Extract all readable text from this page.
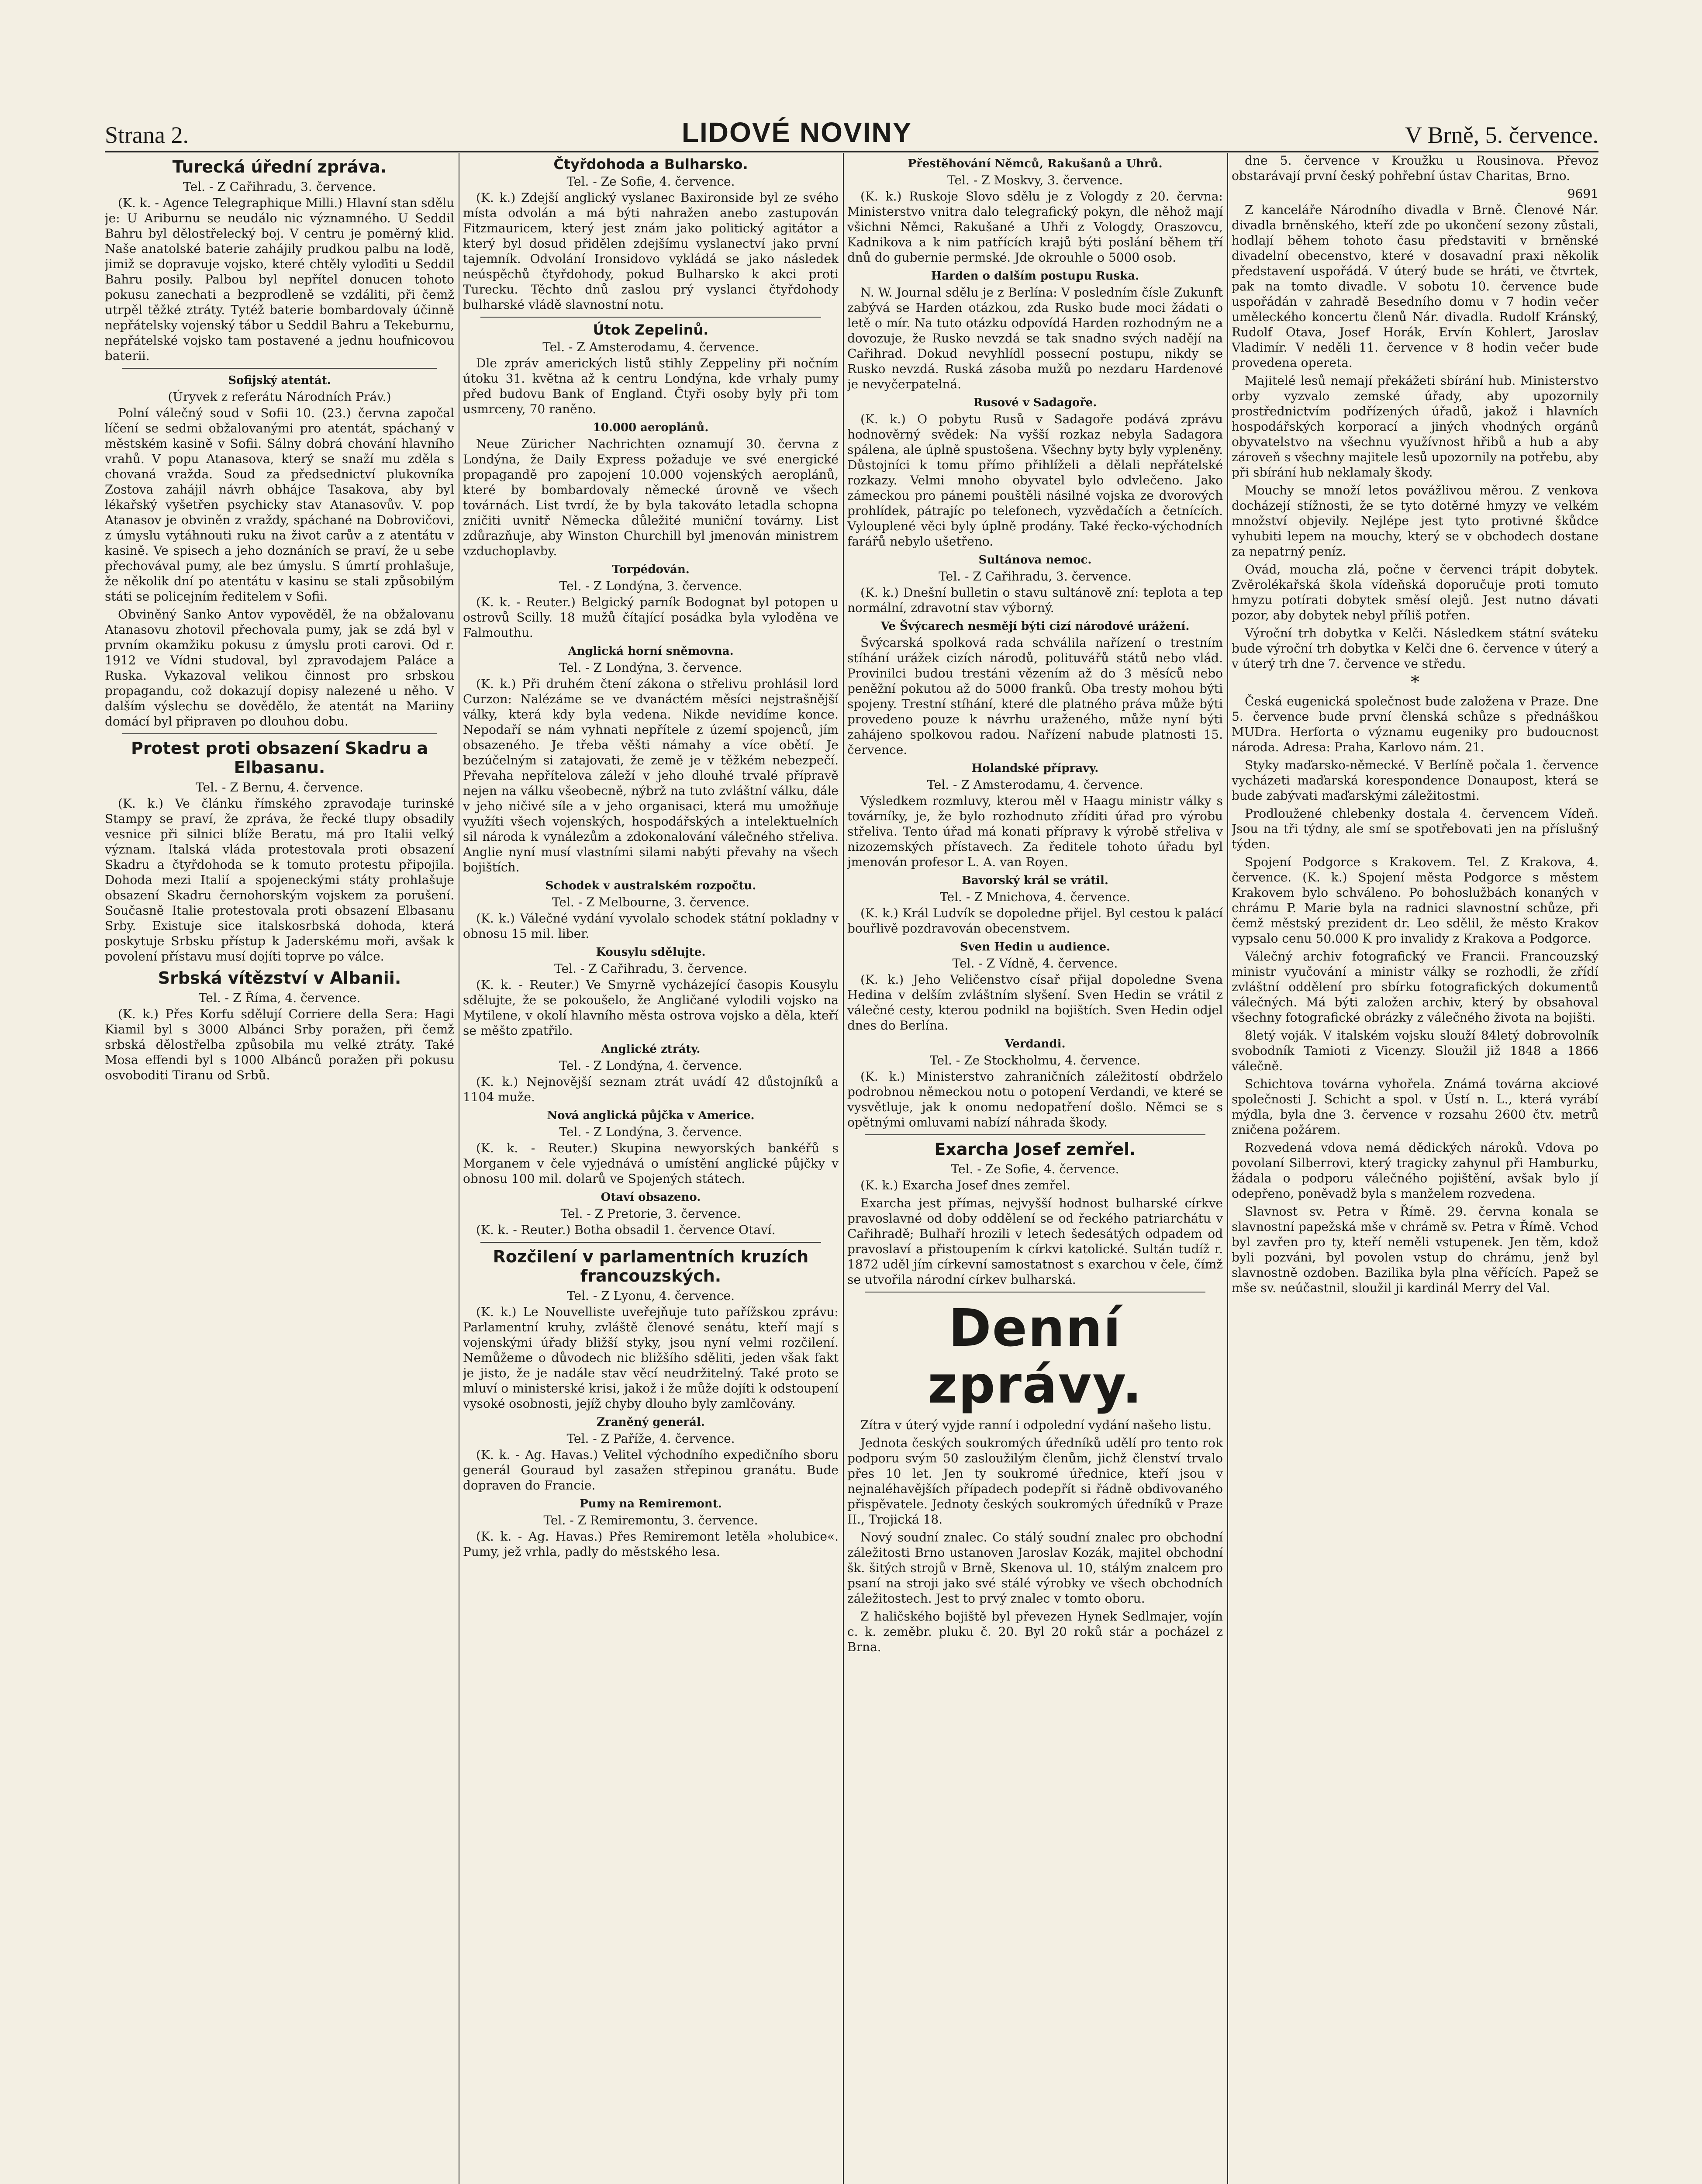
Strana 2.	LIDOVÉ NOVINY	V Brně, 5. července.
Turecká úřední zpráva.
Tel. - Z Cařihradu, 3. července.

(K. k. - Agence Telegraphique Milli.) Hlavní stan sdělu je: U Ariburnu se neudálo nic významného. U Seddil Bahru byl dělostřelecký boj. V centru je poměrný klid. Naše anatolské baterie zahájily prudkou palbu na lodě, jimiž se dopravuje vojsko, které chtěly vyloďiti u Seddil Bahru posily. Palbou byl nepřítel donucen tohoto pokusu zanechati a bezprodleně se vzdáliti, při čemž utrpěl těžké ztráty. Tytéž baterie bombardovaly účinně nepřátelsky vojenský tábor u Seddil Bahru a Tekeburnu, nepřátelské vojsko tam postavené a jednu houfnicovou baterii.

Sofijský atentát.
(Úryvek z referátu Národních Práv.)

Polní válečný soud v Sofii 10. (23.) června započal líčení se sedmi obžalovanými pro atentát, spáchaný v městském kasině v Sofii. Sálny dobrá chování hlavního vrahů. V popu Atanasova, který se snaží mu zděla s chovaná vražda. Soud za předsednictví plukovníka Zostova zahájil návrh obhájce Tasakova, aby byl lékařský vyšetřen psychicky stav Atanasovův. V. pop Atanasov je obviněn z vraždy, spáchané na Dobrovičovi, z úmyslu vytáhnouti ruku na život carův a z atentátu v kasině. Ve spisech a jeho doznáních se praví, že u sebe přechovával pumy, ale bez úmyslu. S úmrtí prohlašuje, že několik dní po atentátu v kasinu se stali způsobilým státi se policejním ředitelem v Sofii.

Obviněný Sanko Antov vypověděl, že na obžalovanu Atanasovu zhotovil přechovala pumy, jak se zdá byl v prvním okamžiku pokusu z úmyslu proti carovi. Od r. 1912 ve Vídni studoval, byl zpravodajem Paláce a Ruska. Vykazoval velikou činnost pro srbskou propagandu, což dokazují dopisy nalezené u něho. V dalším výslechu se dovědělo, že atentát na Mariiny domácí byl připraven po dlouhou dobu.

Protest proti obsazení Skadru a Elbasanu.
Tel. - Z Bernu, 4. července.

(K. k.) Ve článku římského zpravodaje turinské Stampy se praví, že zpráva, že řecké tlupy obsadily vesnice při silnici blíže Beratu, má pro Italii velký význam. Italská vláda protestovala proti obsazení Skadru a čtyřdohoda se k tomuto protestu připojila. Dohoda mezi Italií a spojeneckými státy prohlašuje obsazení Skadru černohorským vojskem za porušení. Současně Italie protestovala proti obsazení Elbasanu Srby. Existuje sice italskosrbská dohoda, která poskytuje Srbsku přístup k Jaderskému moři, avšak k povolení přístavu musí dojíti toprve po válce.

Srbská vítězství v Albanii.
Tel. - Z Říma, 4. července.

(K. k.) Přes Korfu sdělují Corriere della Sera: Hagi Kiamil byl s 3000 Albánci Srby poražen, při čemž srbská dělostřelba způsobila mu velké ztráty. Také Mosa effendi byl s 1000 Albánců poražen při pokusu osvoboditi Tiranu od Srbů.

Čtyřdohoda a Bulharsko.
Tel. - Ze Sofie, 4. července.

(K. k.) Zdejší anglický vyslanec Baxironside byl ze svého místa odvolán a má býti nahražen anebo zastupován Fitzmauricem, který jest znám jako politický agitátor a který byl dosud přidělen zdejšímu vyslanectví jako první tajemník. Odvolání Ironsidovo vykládá se jako následek neúspěchů čtyřdohody, pokud Bulharsko k akci proti Turecku. Těchto dnů zaslou prý vyslanci čtyřdohody bulharské vládě slavnostní notu.

Útok Zepelinů.
Tel. - Z Amsterodamu, 4. července.

Dle zpráv amerických listů stihly Zeppeliny při nočním útoku 31. května až k centru Londýna, kde vrhaly pumy před budovu Bank of England. Čtyři osoby byly při tom usmrceny, 70 raněno.

10.000 aeroplánů.

Neue Züricher Nachrichten oznamují 30. června z Londýna, že Daily Express požaduje ve své energické propagandě pro zapojení 10.000 vojenských aeroplánů, které by bombardovaly německé úrovně ve všech továrnách. List tvrdí, že by byla takováto letadla schopna zničiti uvnitř Německa důležité muniční továrny. List zdůrazňuje, aby Winston Churchill byl jmenován ministrem vzduchoplavby.

Torpédován.
Tel. - Z Londýna, 3. července.

(K. k. - Reuter.) Belgický parník Bodognat byl potopen u ostrovů Scilly. 18 mužů čítající posádka byla vyloděna ve Falmouthu.

Anglická horní sněmovna.
Tel. - Z Londýna, 3. července.

(K. k.) Při druhém čtení zákona o střelivu prohlásil lord Curzon: Nalézáme se ve dvanáctém měsíci nejstrašnější války, která kdy byla vedena. Nikde nevidíme konce. Nepodaří se nám vyhnati nepřítele z území spojenců, jím obsazeného. Je třeba věšti námahy a více obětí. Je bezúčelným si zatajovati, že země je v těžkém nebezpečí. Převaha nepřítelova záleží v jeho dlouhé trvalé přípravě nejen na válku všeobecně, nýbrž na tuto zvláštní válku, dále v jeho ničivé síle a v jeho organisaci, která mu umožňuje využíti všech vojenských, hospodářských a intelektuelních sil národa k vynálezům a zdokonalování válečného střeliva. Anglie nyní musí vlastními silami nabýti převahy na všech bojištích.

Schodek v australském rozpočtu.
Tel. - Z Melbourne, 3. července.

(K. k.) Válečné vydání vyvolalo schodek státní pokladny v obnosu 15 mil. liber.

Kousylu sdělujte.
Tel. - Z Cařihradu, 3. července.

(K. k. - Reuter.) Ve Smyrně vycházející časopis Kousylu sdělujte, že se pokoušelo, že Angličané vylodili vojsko na Mytilene, v okolí hlavního města ostrova vojsko a děla, kteří se měšto zpatřilo.

Anglické ztráty.
Tel. - Z Londýna, 4. července.

(K. k.) Nejnovější seznam ztrát uvádí 42 důstojníků a 1104 muže.

Nová anglická půjčka v Americe.
Tel. - Z Londýna, 3. července.

(K. k. - Reuter.) Skupina newyorských bankéřů s Morganem v čele vyjednává o umístění anglické půjčky v obnosu 100 mil. dolarů ve Spojených státech.

Otaví obsazeno.
Tel. - Z Pretorie, 3. července.

(K. k. - Reuter.) Botha obsadil 1. července Otaví.

Rozčilení v parlamentních kruzích francouzských.
Tel. - Z Lyonu, 4. července.

(K. k.) Le Nouvelliste uveřejňuje tuto pařížskou zprávu: Parlamentní kruhy, zvláště členové senátu, kteří mají s vojenskými úřady bližší styky, jsou nyní velmi rozčilení. Nemůžeme o důvodech nic bližšího sděliti, jeden však fakt je jisto, že je nadále stav věcí neudržitelný. Také proto se mluví o ministerské krisi, jakož i že může dojíti k odstoupení vysoké osobnosti, jejíž chyby dlouho byly zamlčovány.

Zraněný generál.
Tel. - Z Paříže, 4. července.

(K. k. - Ag. Havas.) Velitel východního expedičního sboru generál Gouraud byl zasažen střepinou granátu. Bude dopraven do Francie.

Pumy na Remiremont.
Tel. - Z Remiremontu, 3. července.

(K. k. - Ag. Havas.) Přes Remiremont letěla »holubice«. Pumy, jež vrhla, padly do městského lesa.

Přestěhování Němců, Rakušanů a Uhrů.
Tel. - Z Moskvy, 3. července.

(K. k.) Ruskoje Slovo sdělu je z Vologdy z 20. června: Ministerstvo vnitra dalo telegrafický pokyn, dle něhož mají všichni Němci, Rakušané a Uhři z Vologdy, Oraszovcu, Kadnikova a k nim patřících krajů býti poslání během tří dnů do gubernie permské. Jde okrouhle o 5000 osob.

Harden o dalším postupu Ruska.

N. W. Journal sdělu je z Berlína: V posledním čísle Zukunft zabývá se Harden otázkou, zda Rusko bude moci žádati o letě o mír. Na tuto otázku odpovídá Harden rozhodným ne a dovozuje, že Rusko nevzdá se tak snadno svých nadějí na Cařihrad. Dokud nevyhlídl possecní postupu, nikdy se Rusko nevzdá. Ruská zásoba mužů po nezdaru Hardenové je nevyčerpatelná.

Rusové v Sadagoře.

(K. k.) O pobytu Rusů v Sadagoře podává zprávu hodnověrný svědek: Na vyšší rozkaz nebyla Sadagora spálena, ale úplně spustošena. Všechny byty byly vypleněny. Důstojníci k tomu přímo přihlíželi a dělali nepřátelské rozkazy. Velmi mnoho obyvatel bylo odvlečeno. Jako zámeckou pro pánemi pouštěli násilné vojska ze dvorových prohlídek, pátrajíc po telefonech, vyzvědačích a četnících. Vylouplené věci byly úplně prodány. Také řecko-východních farářů nebylo ušetřeno.

Sultánova nemoc.
Tel. - Z Cařihradu, 3. července.

(K. k.) Dnešní bulletin o stavu sultánově zní: teplota a tep normální, zdravotní stav výborný.

Ve Švýcarech nesmějí býti cizí národové urážení.

Švýcarská spolková rada schválila nařízení o trestním stíhání urážek cizích národů, polituvářů států nebo vlád. Provinilci budou trestáni vězením až do 3 měsíců nebo peněžní pokutou až do 5000 franků. Oba tresty mohou býti spojeny. Trestní stíhání, které dle platného práva může býti provedeno pouze k návrhu uraženého, může nyní býti zahájeno spolkovou radou. Nařízení nabude platnosti 15. července.

Holandské přípravy.
Tel. - Z Amsterodamu, 4. července.

Výsledkem rozmluvy, kterou měl v Haagu ministr války s továrníky, je, že bylo rozhodnuto zříditi úřad pro výrobu střeliva. Tento úřad má konati přípravy k výrobě střeliva v nizozemských přístavech. Za ředitele tohoto úřadu byl jmenován profesor L. A. van Royen.

Bavorský král se vrátil.
Tel. - Z Mnichova, 4. července.

(K. k.) Král Ludvík se dopoledne přijel. Byl cestou k palácí bouřlivě pozdravován obecenstvem.

Sven Hedin u audience.
Tel. - Z Vídně, 4. července.

(K. k.) Jeho Veličenstvo císař přijal dopoledne Svena Hedina v delším zvláštním slyšení. Sven Hedin se vrátil z válečné cesty, kterou podnikl na bojištích. Sven Hedin odjel dnes do Berlína.

Verdandi.
Tel. - Ze Stockholmu, 4. července.

(K. k.) Ministerstvo zahraničních záležitostí obdrželo podrobnou německou notu o potopení Verdandi, ve které se vysvětluje, jak k onomu nedopatření došlo. Němci se s opětnými omluvami nabízí náhrada škody.

Exarcha Josef zemřel.
Tel. - Ze Sofie, 4. července.

(K. k.) Exarcha Josef dnes zemřel.

Exarcha jest přímas, nejvyšší hodnost bulharské církve pravoslavné od doby oddělení se od řeckého patriarchátu v Cařihradě; Bulhaří hrozili v letech šedesátých odpadem od pravoslaví a přistoupením k církvi katolické. Sultán tudíž r. 1872 uděl jím církevní samostatnost s exarchou v čele, čímž se utvořila národní církev bulharská.

Denní zprávy.

Zítra v úterý vyjde ranní i odpolední vydání našeho listu.

Jednota českých soukromých úředníků udělí pro tento rok podporu svým 50 zasloužilým členům, jichž členství trvalo přes 10 let. Jen ty soukromé úřednice, kteří jsou v nejnaléhavějších případech podepřít si řádně obdivovaného přispěvatele. Jednoty českých soukromých úředníků v Praze II., Trojická 18.

Nový soudní znalec. Co stálý soudní znalec pro obchodní záležitosti Brno ustanoven Jaroslav Kozák, majitel obchodní šk. šitých strojů v Brně, Skenova ul. 10, stálým znalcem pro psaní na stroji jako své stálé výrobky ve všech obchodních záležitostech. Jest to prvý znalec v tomto oboru.

Z haličského bojiště byl převezen Hynek Sedlmajer, vojín c. k. zeměbr. pluku č. 20. Byl 20 roků stár a pocházel z Brna.

dne 5. července v Kroužku u Rousinova. Převoz obstarávají první český pohřební ústav Charitas, Brno.

9691

Z kanceláře Národního divadla v Brně. Členové Nár. divadla brněnského, kteří zde po ukončení sezony zůstali, hodlají během tohoto času představiti v brněnské divadelní obecenstvo, které v dosavadní praxi několik představení uspořádá. V úterý bude se hráti, ve čtvrtek, pak na tomto divadle. V sobotu 10. července bude uspořádán v zahradě Besedního domu v 7 hodin večer uměleckého koncertu členů Nár. divadla. Rudolf Kránský, Rudolf Otava, Josef Horák, Ervín Kohlert, Jaroslav Vladimír. V neděli 11. července v 8 hodin večer bude provedena opereta.

Majitelé lesů nemají překážeti sbírání hub. Ministerstvo orby vyzvalo zemské úřady, aby upozornily prostřednictvím podřízených úřadů, jakož i hlavních hospodářských korporací a jiných vhodných orgánů obyvatelstvo na všechnu využívnost hřibů a hub a aby zároveň s všechny majitele lesů upozornily na potřebu, aby při sbírání hub neklamaly škody.

Mouchy se množí letos povážlivou měrou. Z venkova docházejí stížnosti, že se tyto dotěrné hmyzy ve velkém množství objevily. Nejlépe jest tyto protivné škůdce vyhubiti lepem na mouchy, který se v obchodech dostane za nepatrný peníz.

Ovád, moucha zlá, počne v červenci trápit dobytek. Zvěrolékařská škola vídeňská doporučuje proti tomuto hmyzu potírati dobytek směsí olejů. Jest nutno dávati pozor, aby dobytek nebyl příliš potřen.

Výroční trh dobytka v Kelči. Následkem státní sváteku bude výroční trh dobytka v Kelči dne 6. července v úterý a v úterý trh dne 7. července ve středu.

*

Česká eugenická společnost bude založena v Praze. Dne 5. července bude první členská schůze s přednáškou MUDra. Herforta o významu eugeniky pro budoucnost národa. Adresa: Praha, Karlovo nám. 21.

Styky maďarsko-německé. V Berlíně počala 1. července vycházeti maďarská korespondence Donaupost, která se bude zabývati maďarskými záležitostmi.

Prodloužené chlebenky dostala 4. červencem Vídeň. Jsou na tři týdny, ale smí se spotřebovati jen na příslušný týden.

Spojení Podgorce s Krakovem. Tel. Z Krakova, 4. července. (K. k.) Spojení města Podgorce s městem Krakovem bylo schváleno. Po bohoslužbách konaných v chrámu P. Marie byla na radnici slavnostní schůze, při čemž městský prezident dr. Leo sdělil, že město Krakov vypsalo cenu 50.000 K pro invalidy z Krakova a Podgorce.

Válečný archiv fotografický ve Francii. Francouzský ministr vyučování a ministr války se rozhodli, že zřídí zvláštní oddělení pro sbírku fotografických dokumentů válečných. Má býti založen archiv, který by obsahoval všechny fotografické obrázky z válečného života na bojišti.

8letý voják. V italském vojsku slouží 84letý dobrovolník svobodník Tamioti z Vicenzy. Sloužil již 1848 a 1866 válečně.

Schichtova továrna vyhořela. Známá továrna akciové společnosti J. Schicht a spol. v Ústí n. L., která vyrábí mýdla, byla dne 3. července v rozsahu 2600 čtv. metrů zničena požárem.

Rozvedená vdova nemá dědických nároků. Vdova po povolaní Silberrovi, který tragicky zahynul při Hamburku, žádala o podporu válečného pojištění, avšak bylo jí odepřeno, poněvadž byla s manželem rozvedena.

Slavnost sv. Petra v Římě. 29. června konala se slavnostní papežská mše v chrámě sv. Petra v Římě. Vchod byl zavřen pro ty, kteří neměli vstupenek. Jen těm, kdož byli pozváni, byl povolen vstup do chrámu, jenž byl slavnostně ozdoben. Bazilika byla plna věřících. Papež se mše sv. neúčastnil, sloužil ji kardinál Merry del Val.
